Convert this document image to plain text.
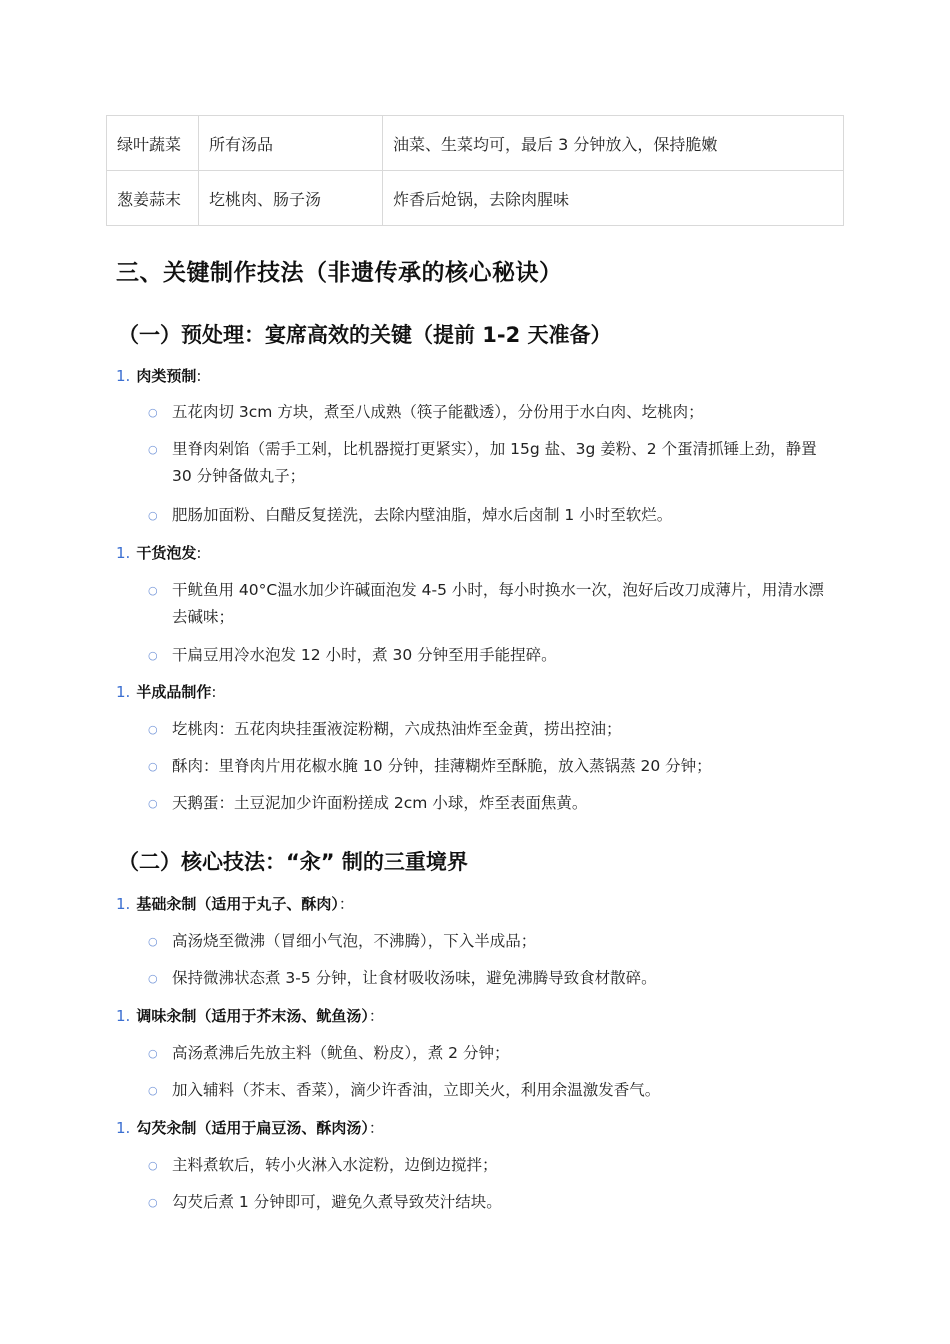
绿叶蔬菜	所有汤品	油菜、生菜均可，最后 3 分钟放入，保持脆嫩
葱姜蒜末	圪桃肉、肠子汤	炸香后炝锅，去除肉腥味
三、关键制作技法（非遗传承的核心秘诀）
（一）预处理：宴席高效的关键（提前 1-2 天准备）
1. 肉类预制:
○ 五花肉切 3cm 方块，煮至八成熟（筷子能戳透），分份用于水白肉、圪桃肉；
○ 里脊肉剁馅（需手工剁，比机器搅打更紧实），加 15g 盐、3g 姜粉、2 个蛋清抓锤上劲，静置 30 分钟备做丸子；
○ 肥肠加面粉、白醋反复搓洗，去除内壁油脂，焯水后卤制 1 小时至软烂。
1. 干货泡发:
○ 干鱿鱼用 40°C温水加少许碱面泡发 4-5 小时，每小时换水一次，泡好后改刀成薄片，用清水漂去碱味；
○ 干扁豆用冷水泡发 12 小时，煮 30 分钟至用手能捏碎。
1. 半成品制作:
○ 圪桃肉：五花肉块挂蛋液淀粉糊，六成热油炸至金黄，捞出控油；
○ 酥肉：里脊肉片用花椒水腌 10 分钟，挂薄糊炸至酥脆，放入蒸锅蒸 20 分钟；
○ 天鹅蛋：土豆泥加少许面粉搓成 2cm 小球，炸至表面焦黄。
（二）核心技法：“汆” 制的三重境界
1. 基础汆制（适用于丸子、酥肉）：
○ 高汤烧至微沸（冒细小气泡，不沸腾），下入半成品；
○ 保持微沸状态煮 3-5 分钟，让食材吸收汤味，避免沸腾导致食材散碎。
1. 调味汆制（适用于芥末汤、鱿鱼汤）：
○ 高汤煮沸后先放主料（鱿鱼、粉皮），煮 2 分钟；
○ 加入辅料（芥末、香菜），滴少许香油，立即关火，利用余温激发香气。
1. 勾芡汆制（适用于扁豆汤、酥肉汤）：
○ 主料煮软后，转小火淋入水淀粉，边倒边搅拌；
○ 勾芡后煮 1 分钟即可，避免久煮导致芡汁结块。
